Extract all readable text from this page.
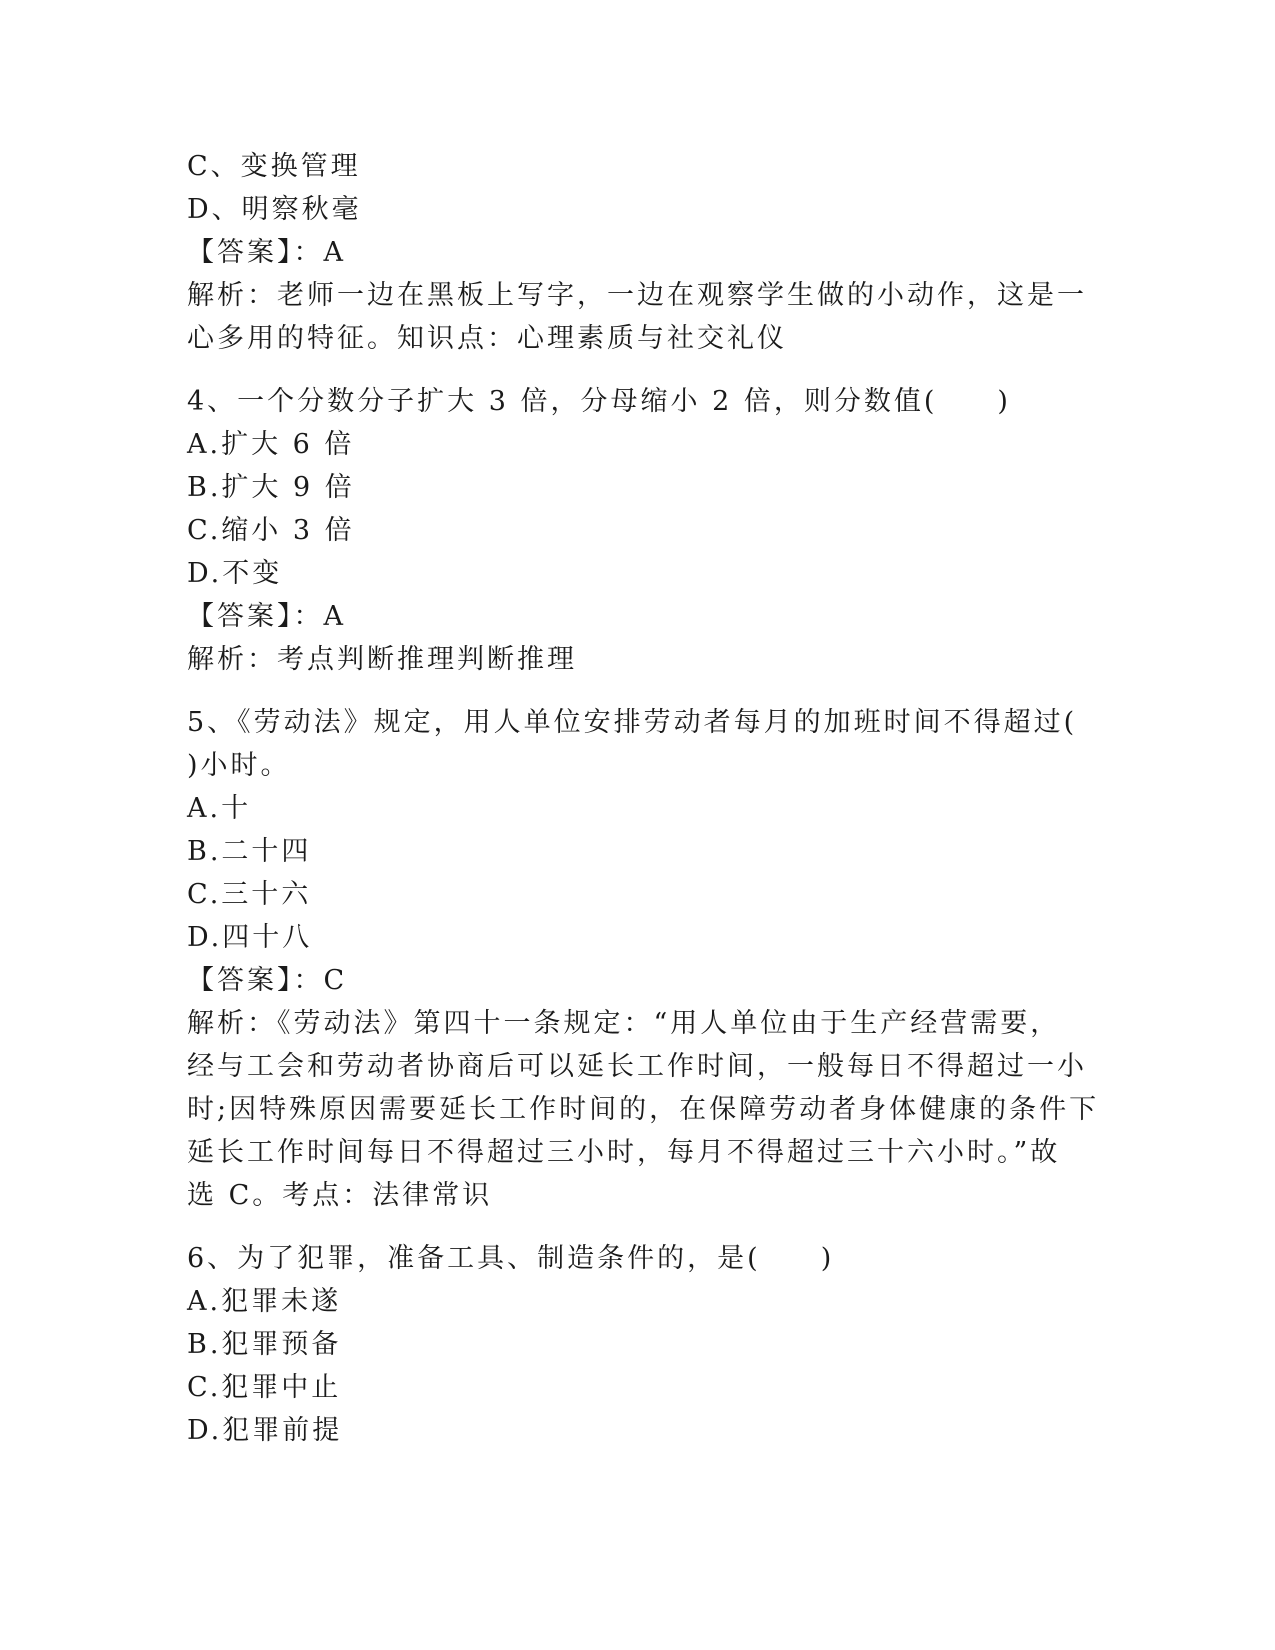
C、变换管理
D、明察秋毫
【答案】：A
解析：老师一边在黑板上写字，一边在观察学生做的小动作，这是一
心多用的特征。知识点：心理素质与社交礼仪
4、一个分数分子扩大 3 倍，分母缩小 2 倍，则分数值(　　)
A.扩大 6 倍
B.扩大 9 倍
C.缩小 3 倍
D.不变
【答案】：A
解析：考点判断推理判断推理
5、《劳动法》规定，用人单位安排劳动者每月的加班时间不得超过(
)小时。
A.十
B.二十四
C.三十六
D.四十八
【答案】：C
解析：《劳动法》第四十一条规定：“用人单位由于生产经营需要，
经与工会和劳动者协商后可以延长工作时间，一般每日不得超过一小
时;因特殊原因需要延长工作时间的，在保障劳动者身体健康的条件下
延长工作时间每日不得超过三小时，每月不得超过三十六小时。”故
选 C。考点：法律常识
6、为了犯罪，准备工具、制造条件的，是(　　)
A.犯罪未遂
B.犯罪预备
C.犯罪中止
D.犯罪前提
